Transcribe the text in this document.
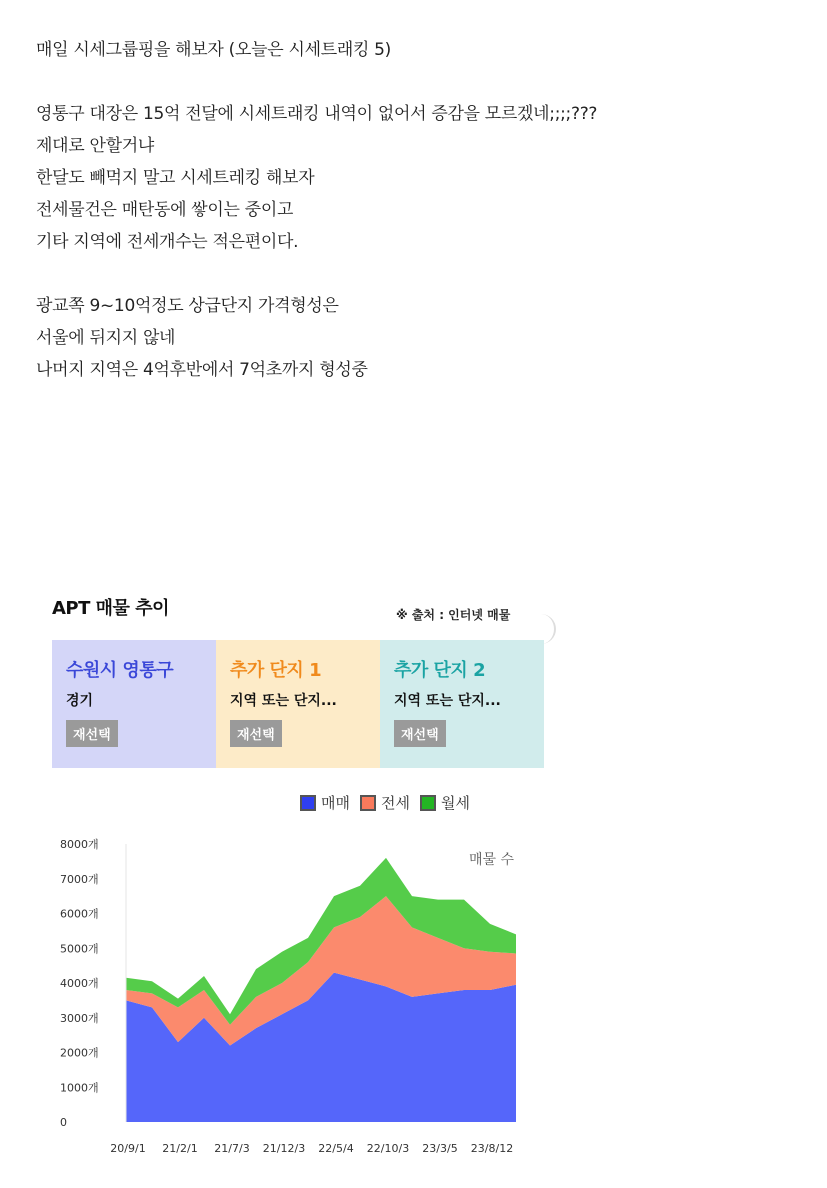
매일 시세그룹핑을 해보자 (오늘은 시세트래킹 5)
영통구 대장은 15억 전달에 시세트래킹 내역이 없어서 증감을 모르겠네;;;;???
제대로 안할거냐
한달도 빼먹지 말고 시세트레킹 해보자
전세물건은 매탄동에 쌓이는 중이고
기타 지역에 전세개수는 적은편이다.
광교쪽 9~10억정도 상급단지 가격형성은
서울에 뒤지지 않네
나머지 지역은 4억후반에서 7억초까지 형성중
APT 매물 추이	※ 출처 : 인터넷 매물
수원시 영통구
경기
재선택
추가 단지 1
지역 또는 단지...
재선택
추가 단지 2
지역 또는 단지...
재선택
매매 전세 월세
0
1000개
2000개
3000개
4000개
5000개
6000개
7000개
8000개
20/9/1 21/2/1 21/7/3 21/12/3 22/5/4 22/10/3 23/3/5 23/8/12
매물 수
